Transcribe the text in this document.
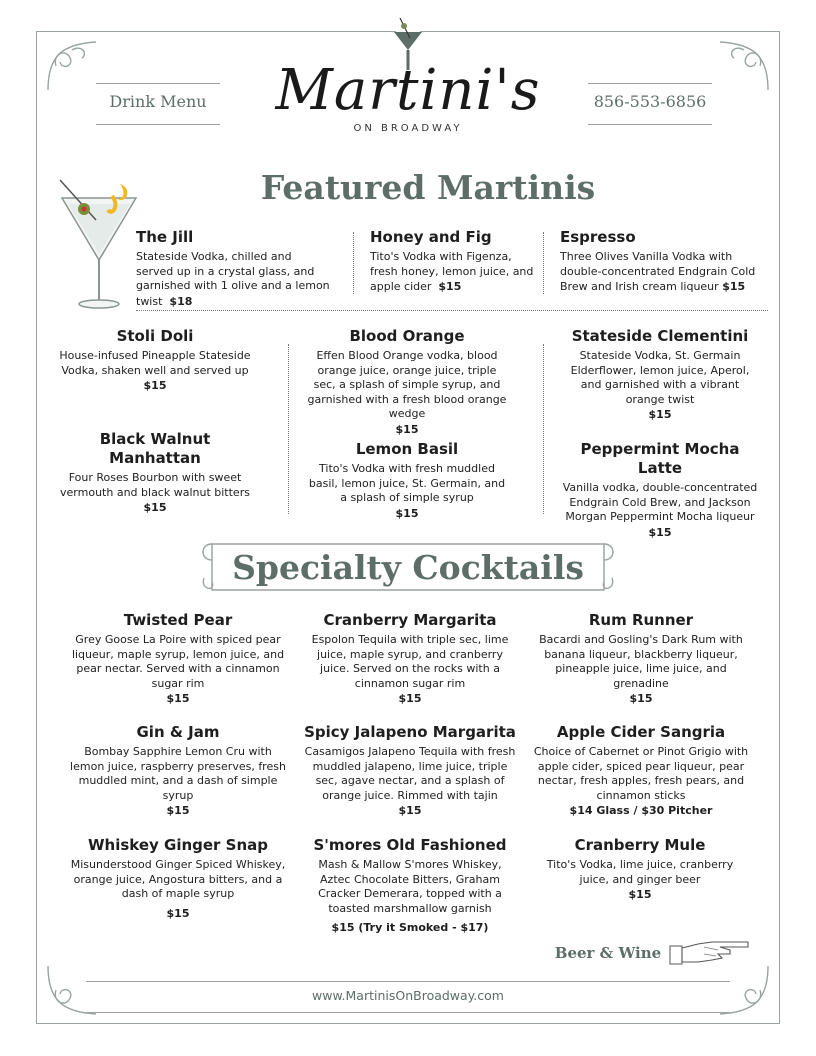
Drink Menu	856-553-6856
Martini's
ON BROADWAY
Featured Martinis
The Jill
Stateside Vodka, chilled and served up in a crystal glass, and garnished with 1 olive and a lemon twist $18
Honey and Fig
Tito's Vodka with Figenza, fresh honey, lemon juice, and apple cider $15
Espresso
Three Olives Vanilla Vodka with double-concentrated Endgrain Cold Brew and Irish cream liqueur $15
Stoli Doli
House-infused Pineapple Stateside Vodka, shaken well and served up
$15
Blood Orange
Effen Blood Orange vodka, blood orange juice, orange juice, triple sec, a splash of simple syrup, and garnished with a fresh blood orange wedge
$15
Stateside Clementini
Stateside Vodka, St. Germain Elderflower, lemon juice, Aperol, and garnished with a vibrant orange twist
$15
Black Walnut Manhattan
Four Roses Bourbon with sweet vermouth and black walnut bitters
$15
Lemon Basil
Tito's Vodka with fresh muddled basil, lemon juice, St. Germain, and a splash of simple syrup
$15
Peppermint Mocha Latte
Vanilla vodka, double-concentrated Endgrain Cold Brew, and Jackson Morgan Peppermint Mocha liqueur
$15
Specialty Cocktails
Twisted Pear
Grey Goose La Poire with spiced pear liqueur, maple syrup, lemon juice, and pear nectar. Served with a cinnamon sugar rim
$15
Cranberry Margarita
Espolon Tequila with triple sec, lime juice, maple syrup, and cranberry juice. Served on the rocks with a cinnamon sugar rim
$15
Rum Runner
Bacardi and Gosling's Dark Rum with banana liqueur, blackberry liqueur, pineapple juice, lime juice, and grenadine
$15
Gin & Jam
Bombay Sapphire Lemon Cru with lemon juice, raspberry preserves, fresh muddled mint, and a dash of simple syrup
$15
Spicy Jalapeno Margarita
Casamigos Jalapeno Tequila with fresh muddled jalapeno, lime juice, triple sec, agave nectar, and a splash of orange juice. Rimmed with tajin
$15
Apple Cider Sangria
Choice of Cabernet or Pinot Grigio with apple cider, spiced pear liqueur, pear nectar, fresh apples, fresh pears, and cinnamon sticks
$14 Glass / $30 Pitcher
Whiskey Ginger Snap
Misunderstood Ginger Spiced Whiskey, orange juice, Angostura bitters, and a dash of maple syrup
$15
S'mores Old Fashioned
Mash & Mallow S'mores Whiskey, Aztec Chocolate Bitters, Graham Cracker Demerara, topped with a toasted marshmallow garnish
$15 (Try it Smoked - $17)
Cranberry Mule
Tito's Vodka, lime juice, cranberry juice, and ginger beer
$15
Beer & Wine
www.MartinisOnBroadway.com
